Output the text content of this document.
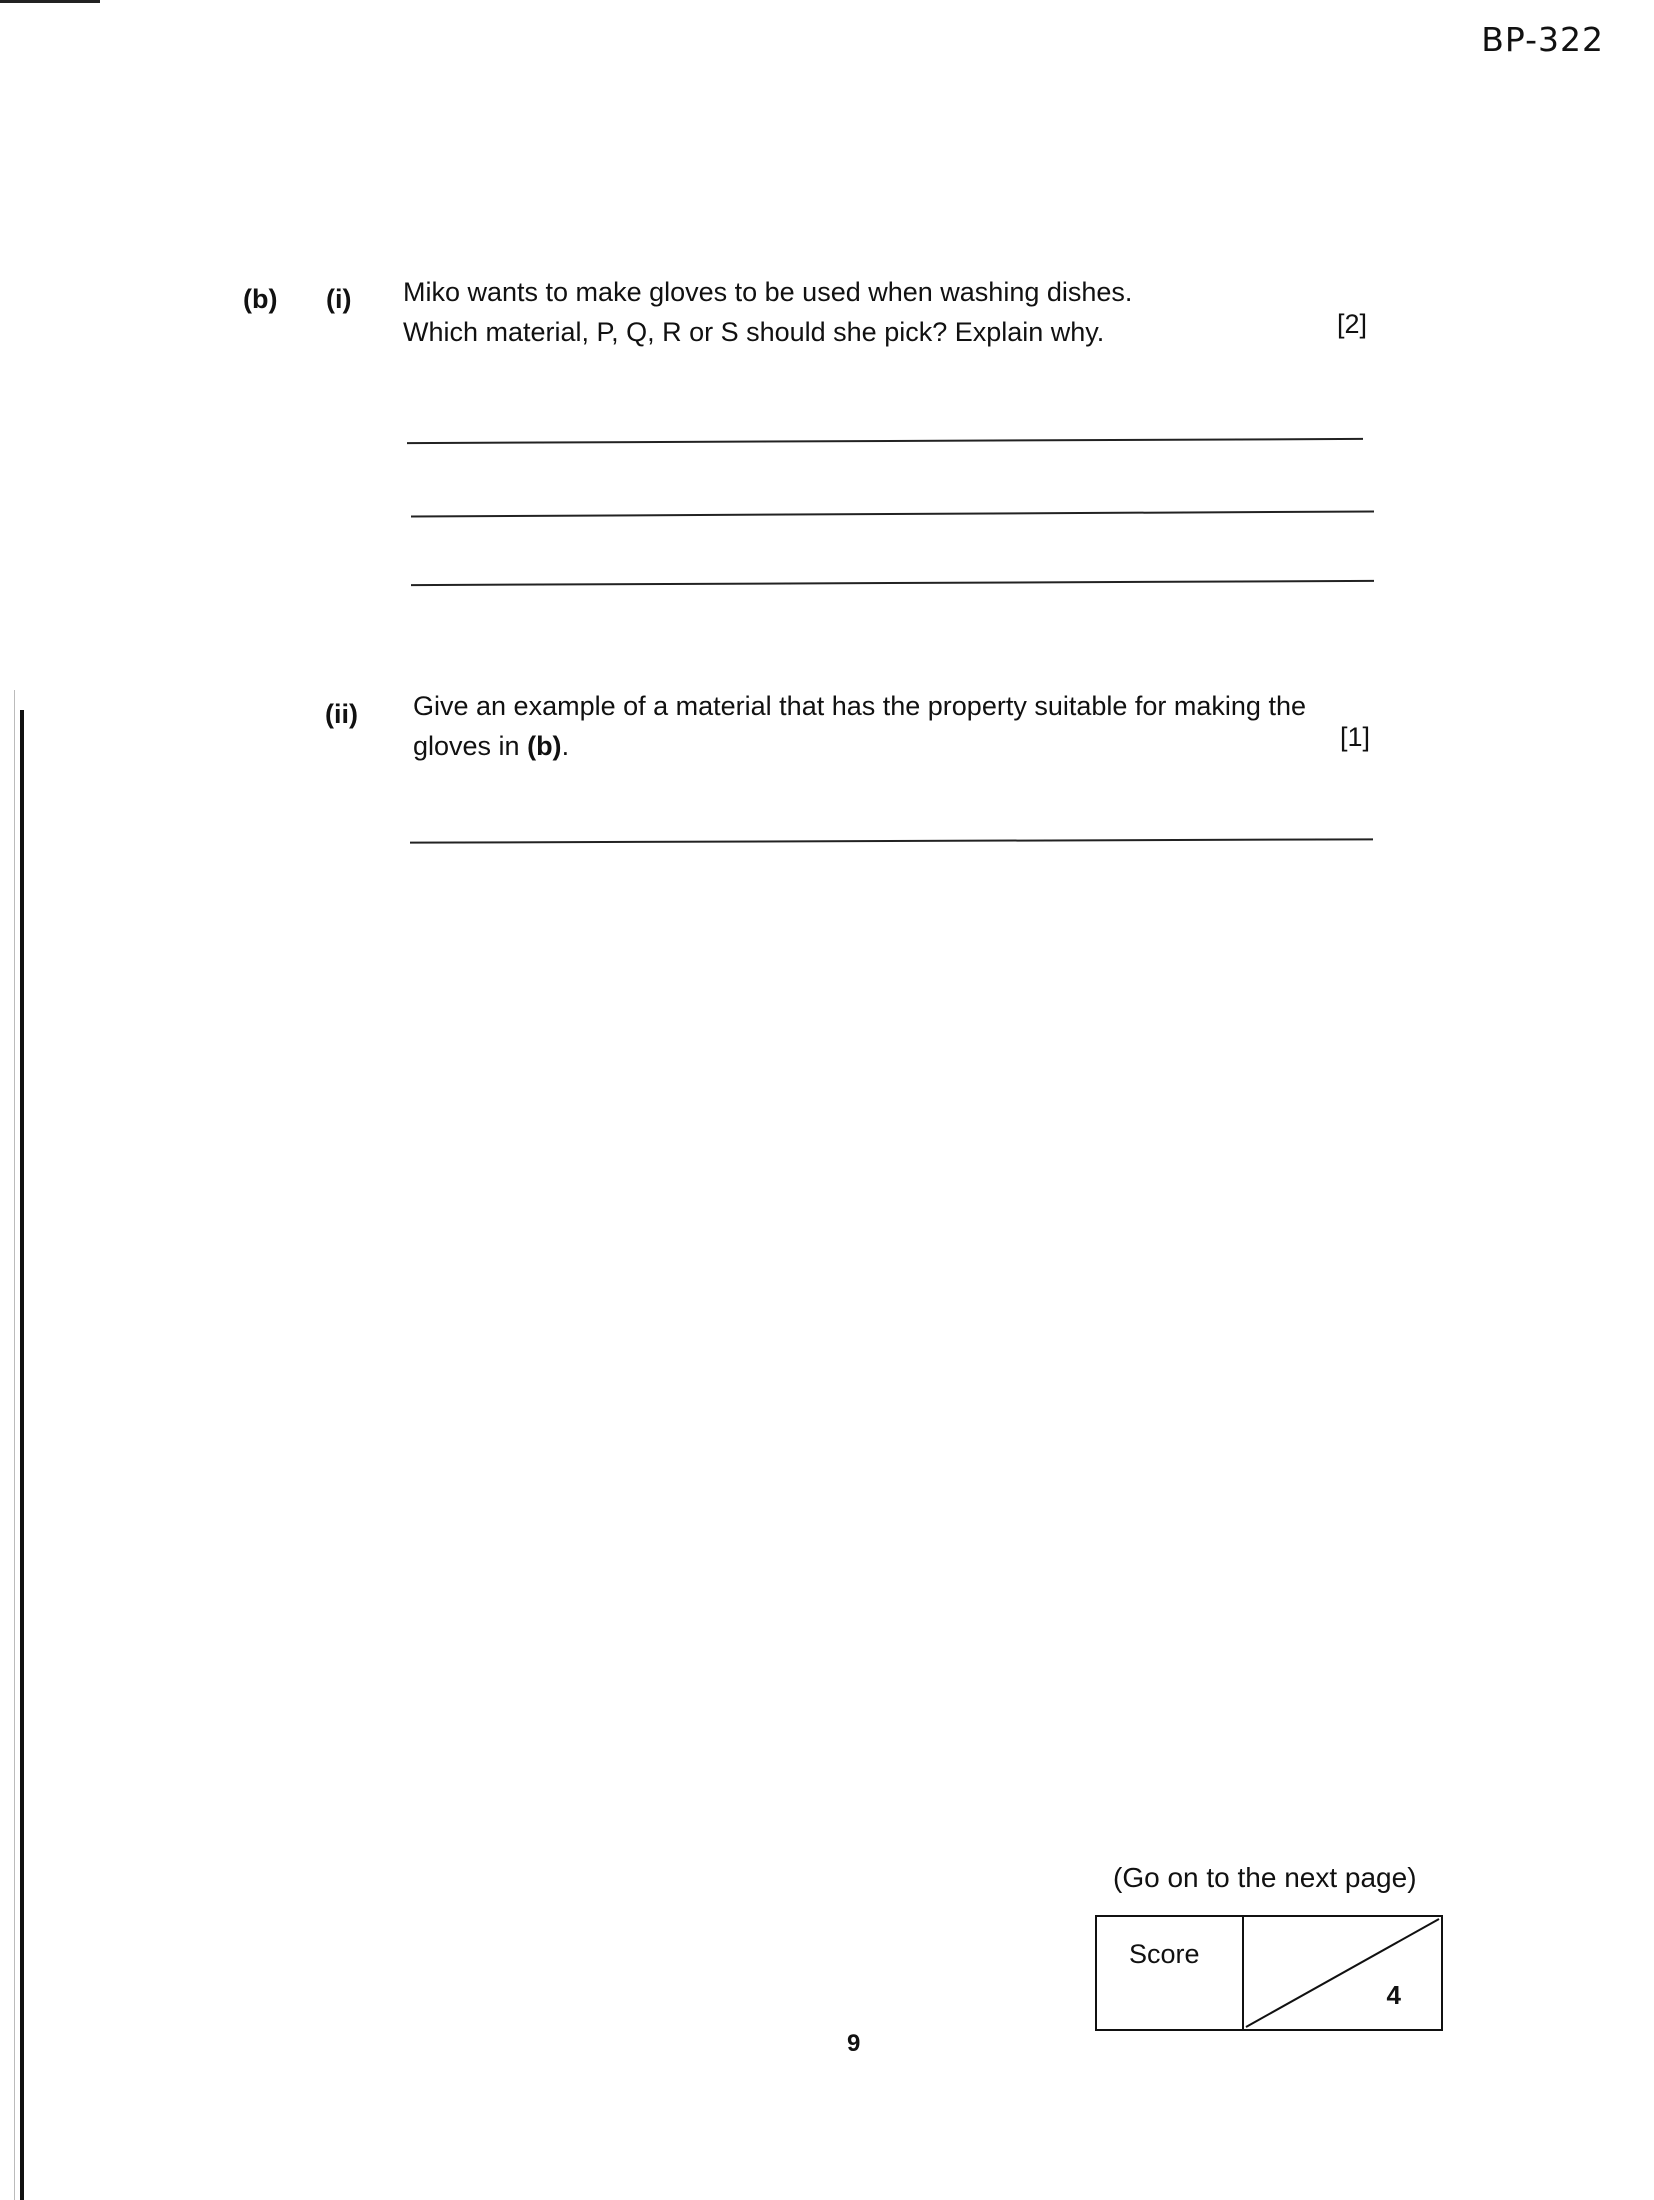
BP-322
(b) (i) Miko wants to make gloves to be used when washing dishes.
Which material, P, Q, R or S should she pick? Explain why.	[2]
(ii) Give an example of a material that has the property suitable for making the
gloves in (b).	[1]
(Go on to the next page)
Score
4
9
